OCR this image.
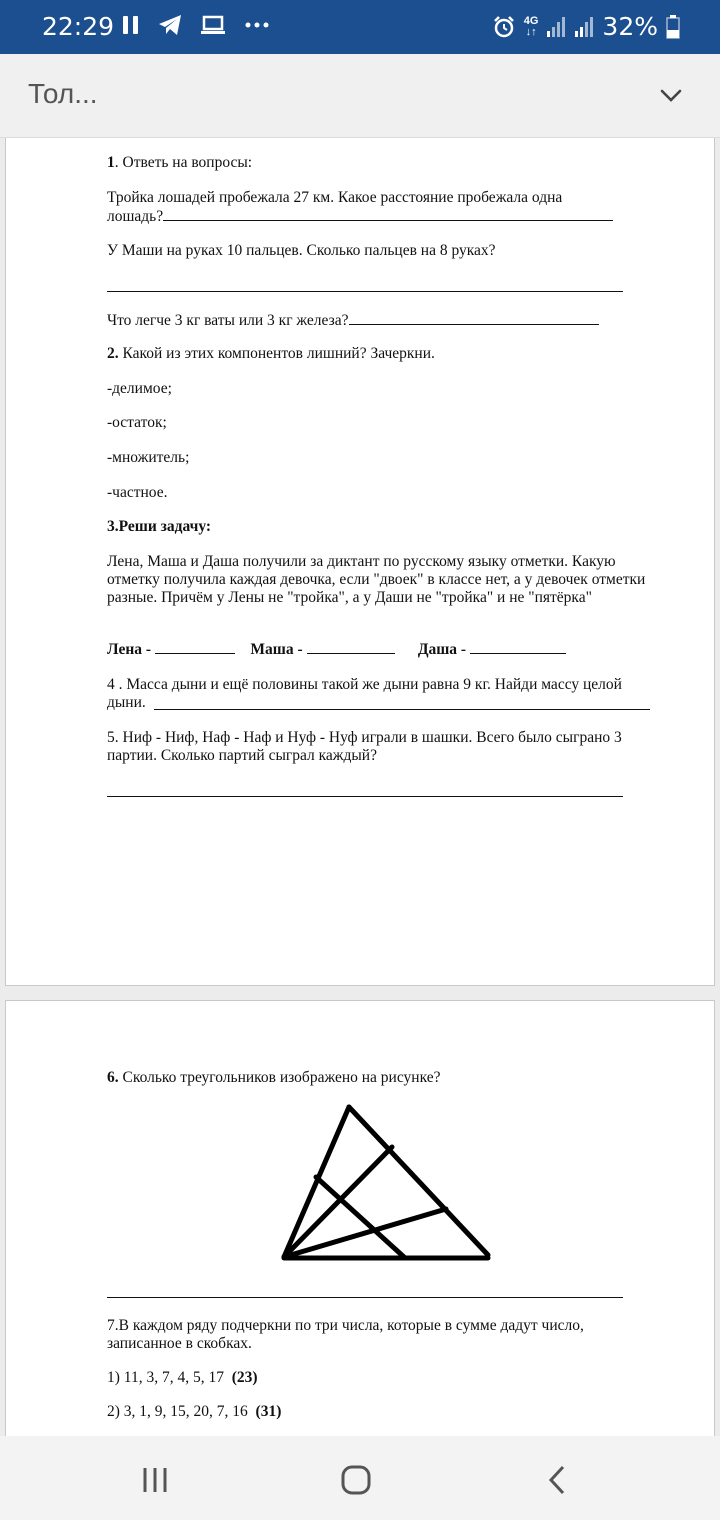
22:29	4G
↓↑	32%
Тол...
1. Ответь на вопросы:
Тройка лошадей пробежала 27 км. Какое расстояние пробежала одна лошадь?
У Маши на руках 10 пальцев. Сколько пальцев на 8 руках?
Что легче 3 кг ваты или 3 кг железа?
2. Какой из этих компонентов лишний? Зачеркни.
-делимое;
-остаток;
-множитель;
-частное.
3.Реши задачу:
Лена, Маша и Даша получили за диктант по русскому языку отметки. Какую отметку получила каждая девочка, если "двоек" в классе нет, а у девочек отметки разные. Причём у Лены не "тройка", а у Даши не "тройка" и не "пятёрка"
Лена -	Маша -	Даша -
4 . Масса дыни и ещё половины такой же дыни равна 9 кг. Найди массу целой дыни.
5. Ниф - Ниф, Наф - Наф и Нуф - Нуф играли в шашки. Всего было сыграно 3 партии. Сколько партий сыграл каждый?
6. Сколько треугольников изображено на рисунке?
7.В каждом ряду подчеркни по три числа, которые в сумме дадут число, записанное в скобках.
1) 11, 3, 7, 4, 5, 17 (23)
2) 3, 1, 9, 15, 20, 7, 16 (31)
